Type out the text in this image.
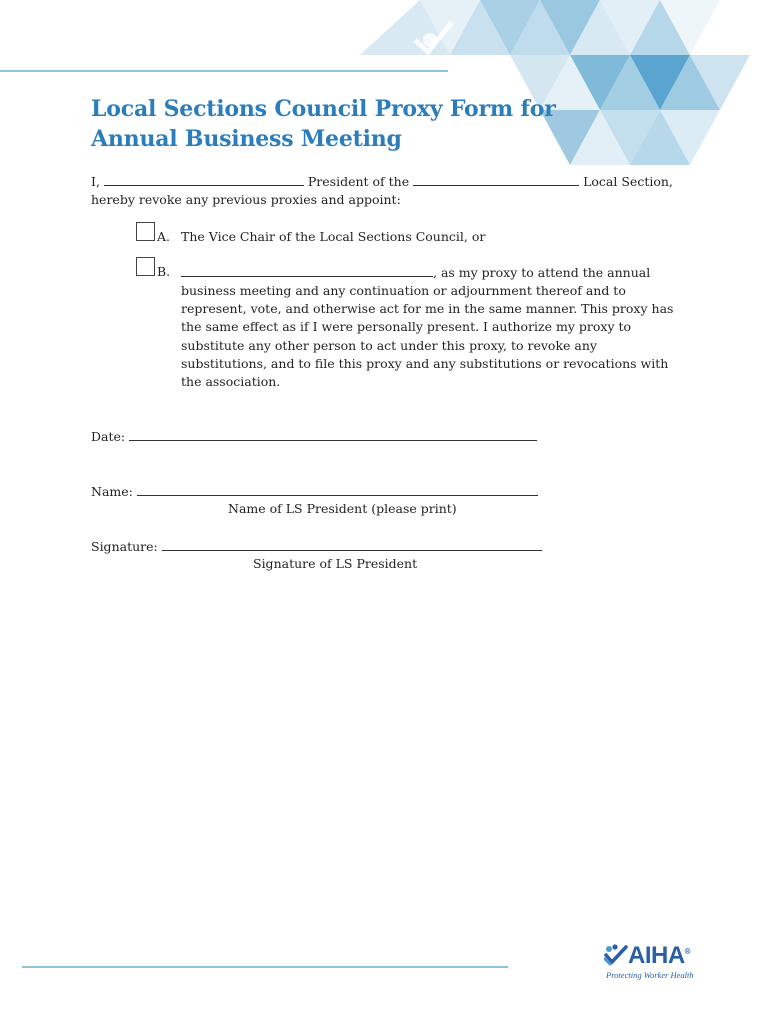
Local Sections Council Proxy Form for
Annual Business Meeting
I,	President of the	Local Section,
hereby revoke any previous proxies and appoint:
A. The Vice Chair of the Local Sections Council, or
B.	, as my proxy to attend the annual
business meeting and any continuation or adjournment thereof and to
represent, vote, and otherwise act for me in the same manner. This proxy has
the same effect as if I were personally present. I authorize my proxy to
substitute any other person to act under this proxy, to revoke any
substitutions, and to file this proxy and any substitutions or revocations with
the association.
Date:
Name:
Name of LS President (please print)
Signature:
Signature of LS President
AIHA®
Protecting Worker Health
